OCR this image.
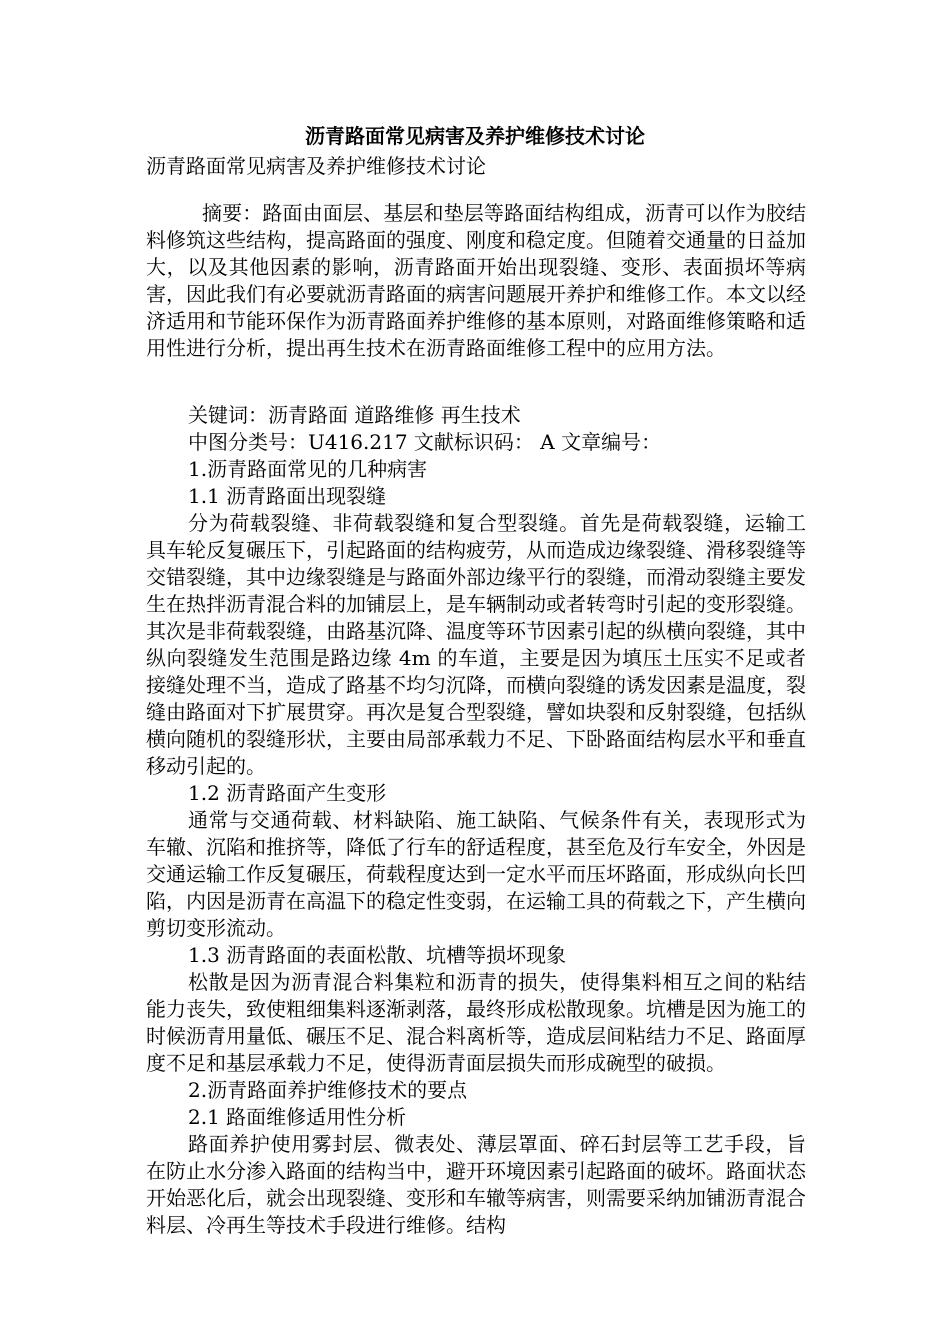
沥青路面常见病害及养护维修技术讨论
沥青路面常见病害及养护维修技术讨论

摘要：路面由面层、基层和垫层等路面结构组成，沥青可以作为胶结料修筑这些结构，提高路面的强度、刚度和稳定度。但随着交通量的日益加大，以及其他因素的影响，沥青路面开始出现裂缝、变形、表面损坏等病害，因此我们有必要就沥青路面的病害问题展开养护和维修工作。本文以经济适用和节能环保作为沥青路面养护维修的基本原则，对路面维修策略和适用性进行分析，提出再生技术在沥青路面维修工程中的应用方法。

关键词：沥青路面 道路维修 再生技术

中图分类号：U416.217 文献标识码： A 文章编号：

1.沥青路面常见的几种病害

1.1 沥青路面出现裂缝

分为荷载裂缝、非荷载裂缝和复合型裂缝。首先是荷载裂缝，运输工具车轮反复碾压下，引起路面的结构疲劳，从而造成边缘裂缝、滑移裂缝等交错裂缝，其中边缘裂缝是与路面外部边缘平行的裂缝，而滑动裂缝主要发生在热拌沥青混合料的加铺层上，是车辆制动或者转弯时引起的变形裂缝。其次是非荷载裂缝，由路基沉降、温度等环节因素引起的纵横向裂缝，其中纵向裂缝发生范围是路边缘 4m 的车道，主要是因为填压土压实不足或者接缝处理不当，造成了路基不均匀沉降，而横向裂缝的诱发因素是温度，裂缝由路面对下扩展贯穿。再次是复合型裂缝，譬如块裂和反射裂缝，包括纵横向随机的裂缝形状，主要由局部承载力不足、下卧路面结构层水平和垂直移动引起的。

1.2 沥青路面产生变形

通常与交通荷载、材料缺陷、施工缺陷、气候条件有关，表现形式为车辙、沉陷和推挤等，降低了行车的舒适程度，甚至危及行车安全，外因是交通运输工作反复碾压，荷载程度达到一定水平而压坏路面，形成纵向长凹陷，内因是沥青在高温下的稳定性变弱，在运输工具的荷载之下，产生横向剪切变形流动。

1.3 沥青路面的表面松散、坑槽等损坏现象

松散是因为沥青混合料集粒和沥青的损失，使得集料相互之间的粘结能力丧失，致使粗细集料逐渐剥落，最终形成松散现象。坑槽是因为施工的时候沥青用量低、碾压不足、混合料离析等，造成层间粘结力不足、路面厚度不足和基层承载力不足，使得沥青面层损失而形成碗型的破损。

2.沥青路面养护维修技术的要点

2.1 路面维修适用性分析

路面养护使用雾封层、微表处、薄层罩面、碎石封层等工艺手段，旨在防止水分渗入路面的结构当中，避开环境因素引起路面的破坏。路面状态开始恶化后，就会出现裂缝、变形和车辙等病害，则需要采纳加铺沥青混合料层、冷再生等技术手段进行维修。结构
